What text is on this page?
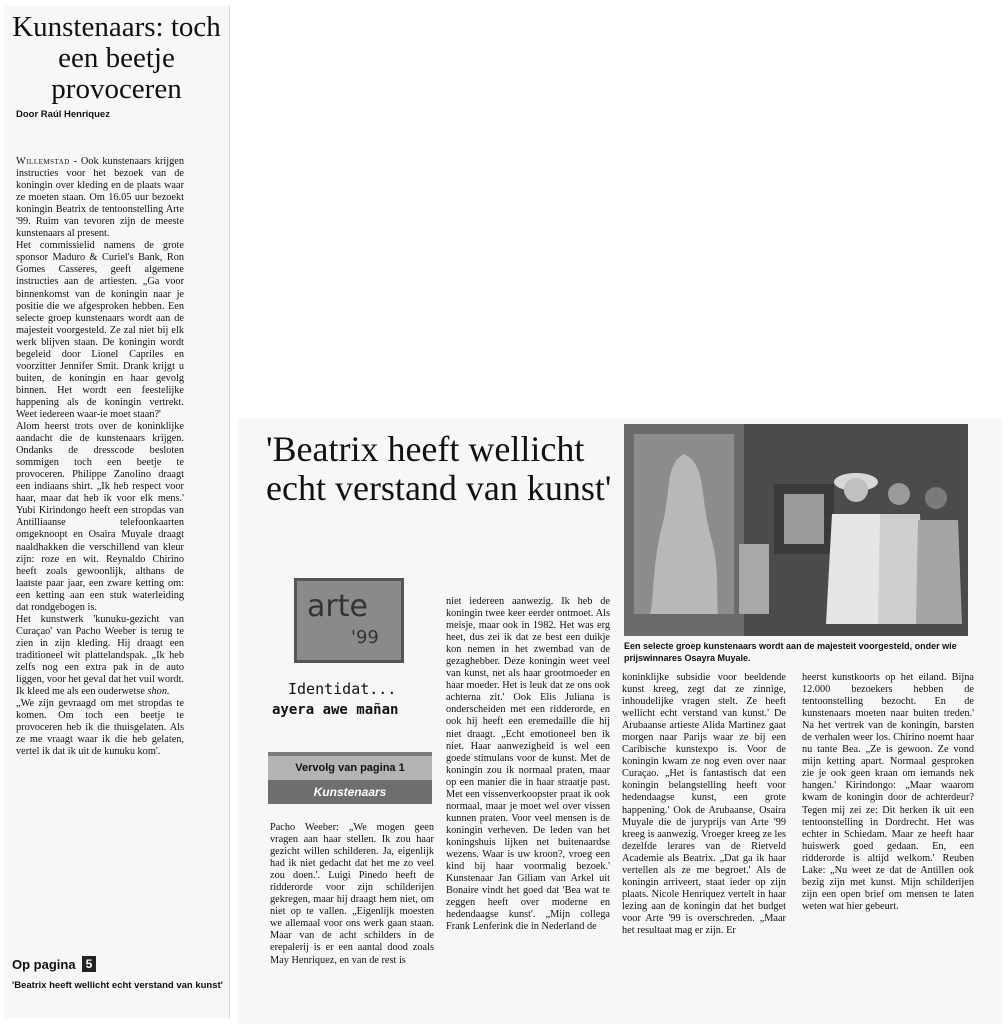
Kunstenaars: toch een beetje provoceren
Door Raúl Henriquez

Willemstad - Ook kunstenaars krijgen instructies voor het bezoek van de koningin over kleding en de plaats waar ze moeten staan. Om 16.05 uur bezoekt koningin Beatrix de tentoonstelling Arte '99. Ruim van tevoren zijn de meeste kunstenaars al present.

Het commissielid namens de grote sponsor Maduro & Curiel's Bank, Ron Gomes Casseres, geeft algemene instructies aan de artiesten. „Ga voor binnenkomst van de koningin naar je positie die we afgesproken hebben. Een selecte groep kunstenaars wordt aan de majesteit voorgesteld. Ze zal niet bij elk werk blijven staan. De koningin wordt begeleid door Lionel Capriles en voorzitter Jennifer Smit. Drank krijgt u buiten, de koningin en haar gevolg binnen. Het wordt een feestelijke happening als de koningin vertrekt. Weet iedereen waar-ie moet staan?'

Alom heerst trots over de koninklijke aandacht die de kunstenaars krijgen. Ondanks de dresscode besloten sommigen toch een beetje te provoceren. Philippe Zanolino draagt een indiaans shirt. „Ik heb respect voor haar, maar dat heb ik voor elk mens.' Yubi Kirindongo heeft een stropdas van Antilliaanse telefoonkaarten omgeknoopt en Osaira Muyale draagt naaldhakken die verschillend van kleur zijn: roze en wit. Reynaldo Chirino heeft zoals gewoonlijk, althans de laatste paar jaar, een zware ketting om: een ketting aan een stuk waterleiding dat rondgebogen is.

Het kunstwerk 'kunuku-gezicht van Curaçao' van Pacho Weeber is terug te zien in zijn kleding. Hij draagt een traditioneel wit plattelandspak. „Ik heb zelfs nog een extra pak in de auto liggen, voor het geval dat het vuil wordt. Ik kleed me als een ouderwetse shon.

„We zijn gevraagd om met stropdas te komen. Om toch een beetje te provoceren heb ik die thuisgelaten. Als ze me vraagt waar ik die heb gelaten, vertel ik dat ik uit de kunuku kom'.

Op pagina 5
'Beatrix heeft wellicht echt verstand van kunst'
'Beatrix heeft wellicht echt verstand van kunst'
arte
'99
Identidat...
ayera awe mañan
Vervolg van pagina 1
Kunstenaars
Pacho Weeber: „We mogen geen vragen aan haar stellen. Ik zou haar gezicht willen schilderen. Ja, eigenlijk had ik niet gedacht dat het me zo veel zou doen.'. Luigi Pinedo heeft de ridderorde voor zijn schilderijen gekregen, maar hij draagt hem niet, om niet op te vallen. „Eigenlijk moesten we allemaal voor ons werk gaan staan. Maar van de acht schilders in de erepalerij is er een aantal dood zoals May Henriquez, en van de rest is
niet iedereen aanwezig. Ik heb de koningin twee keer eerder ontmoet. Als meisje, maar ook in 1982. Het was erg heet, dus zei ik dat ze best een duikje kon nemen in het zwembad van de gezaghebber. Deze koningin weet veel van kunst, net als haar grootmoeder en haar moeder. Het is leuk dat ze ons ook achterna zit.' Ook Elis Juliana is onderscheiden met een ridderorde, en ook hij heeft een eremedaille die hij niet draagt. „Echt emotioneel ben ik niet. Haar aanwezigheid is wel een goede stimulans voor de kunst. Met de koningin zou ik normaal praten, maar op een manier die in haar straatje past. Met een vissenverkoopster praat ik ook normaal, maar je moet wel over vissen kunnen praten. Voor veel mensen is de koningin verheven. De leden van het koningshuis lijken net buitenaardse wezens. Waar is uw kroon?, vroeg een kind bij haar voormalig bezoek.' Kunstenaar Jan Giliam van Arkel uit Bonaire vindt het goed dat 'Bea wat te zeggen heeft over moderne en hedendaagse kunst'. „Mijn collega Frank Lenferink die in Nederland de
koninklijke subsidie voor beeldende kunst kreeg, zegt dat ze zinnige, inhoudelijke vragen stelt. Ze heeft wellicht echt verstand van kunst.' De Arubaanse artieste Alida Martinez gaat morgen naar Parijs waar ze bij een Caribische kunstexpo is. Voor de koningin kwam ze nog even over naar Curaçao. „Het is fantastisch dat een koningin belangstelling heeft voor hedendaagse kunst, een grote happening.' Ook de Arubaanse, Osaira Muyale die de juryprijs van Arte '99 kreeg is aanwezig. Vroeger kreeg ze les dezelfde lerares van de Rietveld Academie als Beatrix. „Dat ga ik haar vertellen als ze me begroet.' Als de koningin arriveert, staat ieder op zijn plaats. Nicole Henriquez vertelt in haar lezing aan de koningin dat het budget voor Arte '99 is overschreden. „Maar het resultaat mag er zijn. Er
heerst kunstkoorts op het eiland. Bijna 12.000 bezoekers hebben de tentoonstelling bezocht. En de kunstenaars moeten naar buiten treden.' Na het vertrek van de koningin, barsten de verhalen weer los. Chirino noemt haar nu tante Bea. „Ze is gewoon. Ze vond mijn ketting apart. Normaal gesproken zie je ook geen kraan om iemands nek hangen.' Kirindongo: „Maar waarom kwam de koningin door de achterdeur? Tegen mij zei ze: Dit herken ik uit een tentoonstelling in Dordrecht. Het was echter in Schiedam. Maar ze heeft haar huiswerk goed gedaan. En, een ridderorde is altijd welkom.' Reuben Lake: „Nu weet ze dat de Antillen ook bezig zijn met kunst. Mijn schilderijen zijn een open brief om mensen te laten weten wat hier gebeurt.
Een selecte groep kunstenaars wordt aan de majesteit voorgesteld, onder wie prijswinnares Osayra Muyale.
